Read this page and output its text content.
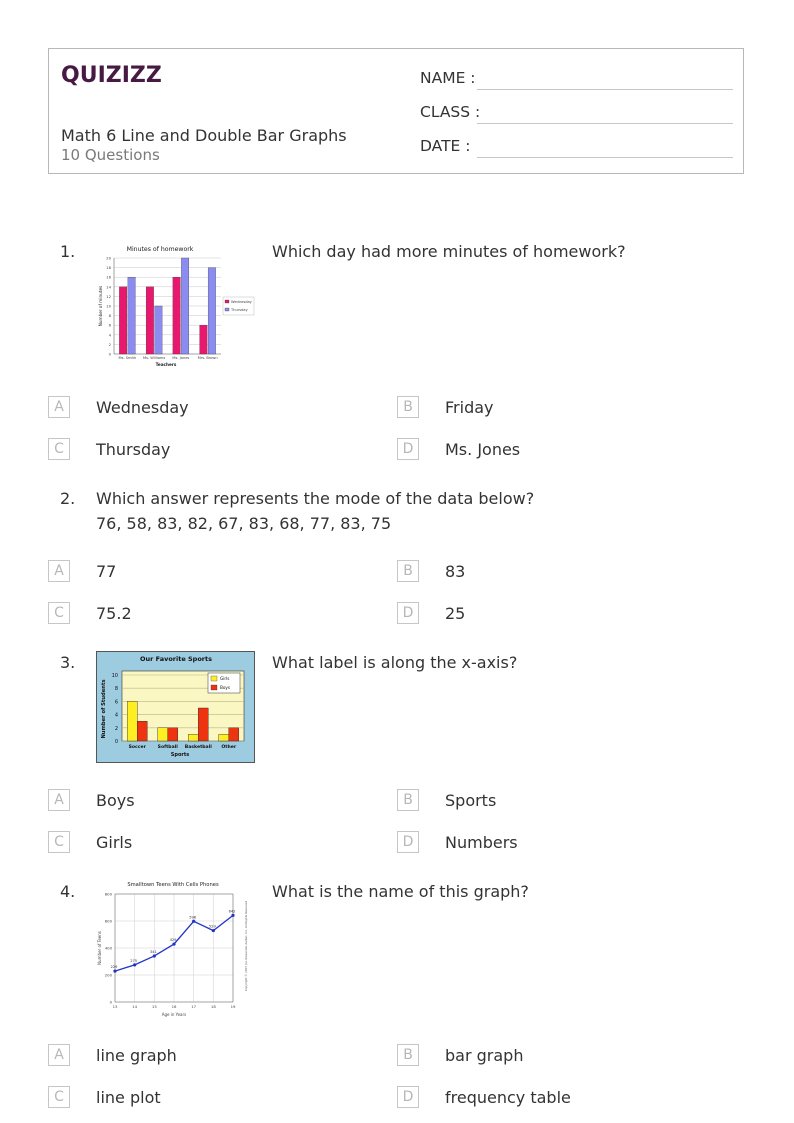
QUIZIZZ
Math 6 Line and Double Bar Graphs
10 Questions
NAME :
CLASS :
DATE :
1.	Minutes of homework
0
2
4
6
8
10
12
14
16
18
20
Ms. Smith Ms. Williams Ms. Jones Mrs. Brown
Teachers
Number of minutes	Wednesday
Thursday
Which day had more minutes of homework?
A	Wednesday	B	Friday
C	Thursday	D	Ms. Jones
2. Which answer represents the mode of the data below?
76, 58, 83, 82, 67, 83, 68, 77, 83, 75
A	77	B	83
C	75.2	D	25
3.	Our Favorite Sports
0
2
4
6
8
10
Soccer	Softball Basketball Other
Sports
Number of Students
Girls
Boys
What label is along the x-axis?
A	Boys	B	Sports
C	Girls	D	Numbers
4.	Smalltown Teens With Cells Phones
0
200
400
600
800
13	14	15	16	17	18	19
229
275
341
429
598
529
642
Age in Years
Number of Teens	Copyright © 2007 Jon Alexander Aalber, Inc. All Rights Reserved
What is the name of this graph?
A	line graph	B	bar graph
C	line plot	D	frequency table
